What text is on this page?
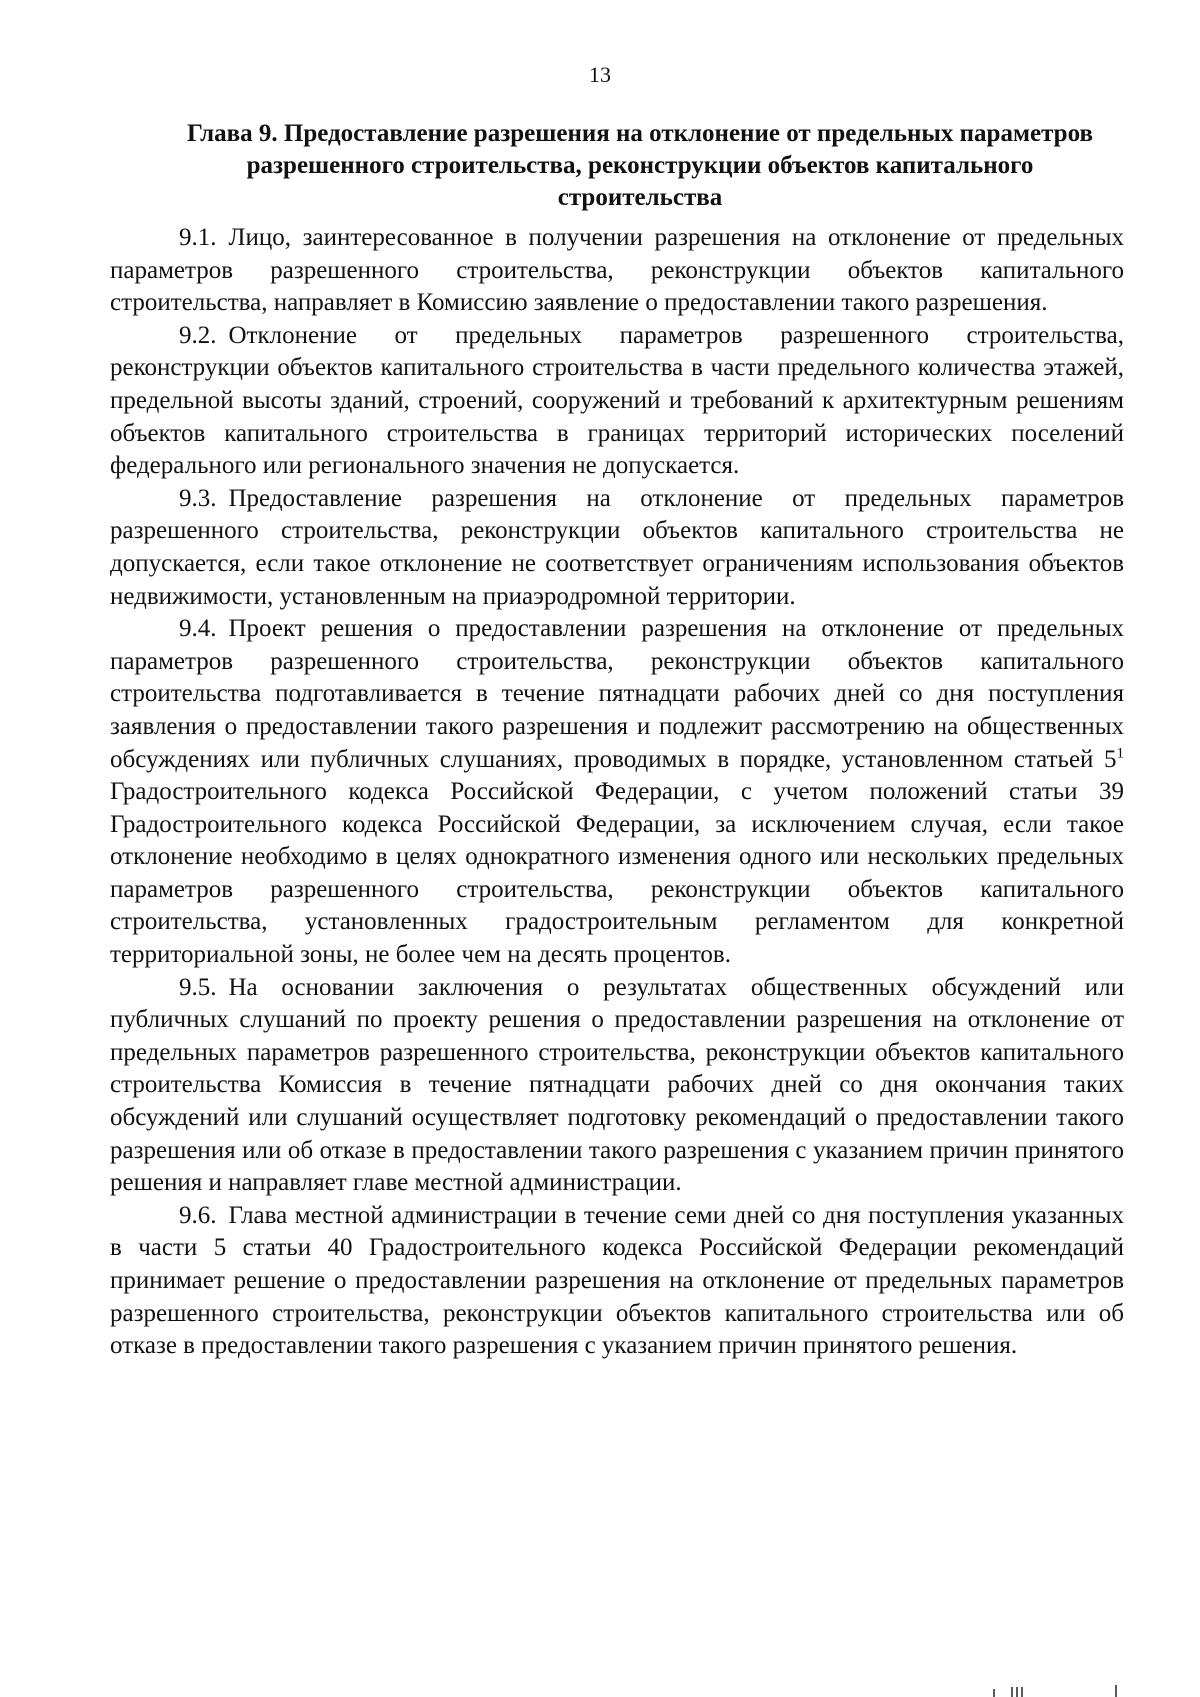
13
Глава 9. Предоставление разрешения на отклонение от предельных параметров разрешенного строительства, реконструкции объектов капитального строительства

9.1. Лицо, заинтересованное в получении разрешения на отклонение от предельных параметров разрешенного строительства, реконструкции объектов капитального строительства, направляет в Комиссию заявление о предоставлении такого разрешения.

9.2. Отклонение от предельных параметров разрешенного строительства, реконструкции объектов капитального строительства в части предельного количества этажей, предельной высоты зданий, строений, сооружений и требований к архитектурным решениям объектов капитального строительства в границах территорий исторических поселений федерального или регионального значения не допускается.

9.3. Предоставление разрешения на отклонение от предельных параметров разрешенного строительства, реконструкции объектов капитального строительства не допускается, если такое отклонение не соответствует ограничениям использования объектов недвижимости, установленным на приаэродромной территории.

9.4. Проект решения о предоставлении разрешения на отклонение от предельных параметров разрешенного строительства, реконструкции объектов капитального строительства подготавливается в течение пятнадцати рабочих дней со дня поступления заявления о предоставлении такого разрешения и подлежит рассмотрению на общественных обсуждениях или публичных слушаниях, проводимых в порядке, установленном статьей $5^1$ Градостроительного кодекса Российской Федерации, с учетом положений статьи 39 Градостроительного кодекса Российской Федерации, за исключением случая, если такое отклонение необходимо в целях однократного изменения одного или нескольких предельных параметров разрешенного строительства, реконструкции объектов капитального строительства, установленных градостроительным регламентом для конкретной территориальной зоны, не более чем на десять процентов.

9.5. На основании заключения о результатах общественных обсуждений или публичных слушаний по проекту решения о предоставлении разрешения на отклонение от предельных параметров разрешенного строительства, реконструкции объектов капитального строительства Комиссия в течение пятнадцати рабочих дней со дня окончания таких обсуждений или слушаний осуществляет подготовку рекомендаций о предоставлении такого разрешения или об отказе в предоставлении такого разрешения с указанием причин принятого решения и направляет главе местной администрации.

9.6. Глава местной администрации в течение семи дней со дня поступления указанных в части 5 статьи 40 Градостроительного кодекса Российской Федерации рекомендаций принимает решение о предоставлении разрешения на отклонение от предельных параметров разрешенного строительства, реконструкции объектов капитального строительства или об отказе в предоставлении такого разрешения с указанием причин принятого решения.
